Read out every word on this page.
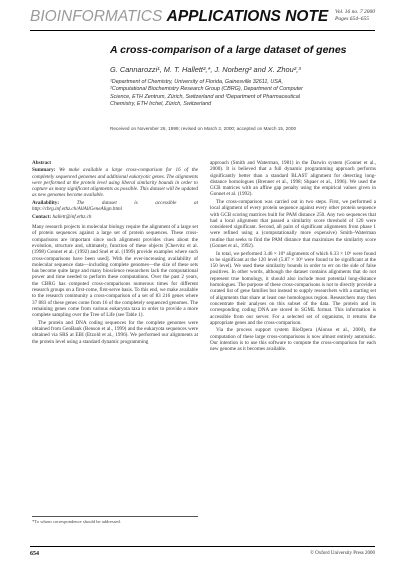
BIOINFORMATICS APPLICATIONS NOTE Vol. 16 no. 7 2000
Pages 654–655
A cross-comparison of a large dataset of genes
G. Cannarozzi¹, M. T. Hallett²,*, J. Norberg² and X. Zhou²,³
¹Department of Chemistry, University of Florida, Gainesville 32611, USA,
²Computational Biochemistry Research Group (CBRG), Department of Computer
Science, ETH Zentrum, Zürich, Switzerland and ³Department of Pharmaceutical
Chemistry, ETH Irchel, Zürich, Switzerland
Received on November 26, 1999; revised on March 2, 2000; accepted on March 15, 2000
Abstract

Summary: We make available a large cross-comparison for 16 of the completely sequenced genomes and additional eukaryotic genes. The alignments were performed at the protein level using liberal similarity bounds in order to capture as many significant alignments as possible. This dataset will be updated as new genomes become available.

Availability:	The dataset is accessible at http://cbrg.inf.ethz.ch/AllAllGeneAlign.html

Contact: hallett@inf.ethz.ch

Many research projects in molecular biology require the alignment of a large set of protein sequences against a large set of protein sequences. These cross-comparisons are important since such alignment provides clues about the evolution, structure and, ultimately, function of these objects [Chervitz et al. (1998) Gonnet et al. (1992) and Snel et al. (1999) provide examples where such cross-comparisons have been used]. With the ever-increasing availability of molecular sequence data—including complete genomes—the size of these sets has become quite large and many bioscience researchers lack the computational power and time needed to perform these computations. Over the past 2 years, the CBRG has computed cross-comparisons numerous times for different research groups on a first-come, first-serve basis. To this end, we make available to the research community a cross-comparison of a set of 83 216 genes where 37 883 of these genes come from 16 of the completely sequenced genomes. The remaining genes come from various eukaryota taxa in order to provide a more complete sampling over the Tree of Life (see Table 1).

The protein and DNA coding sequences for the complete genomes were obtained from GenBank (Benson et al., 1999) and the eukaryota sequences were obtained via SRS at EBI (Etzold et al., 1996). We performed our alignments at the protein level using a standard dynamic programming

approach (Smith and Waterman, 1981) in the Darwin system (Gonnet et al., 2000). It is believed that a full dynamic programming approach performs significantly better than a standard BLAST alignment for detecting long-distance homologues (Brenner et al., 1998; Shpaer et al., 1996). We used the GCB matrices with an affine gap penalty using the empirical values given in Gonnet et al. (1992).

The cross-comparison was carried out in two steps. First, we performed a local alignment of every protein sequence against every other protein sequence with GCB scoring matrices built for PAM distance 250. Any two sequences that had a local alignment that passed a similarity score threshold of 120 were considered significant. Second, all pairs of significant alignments from phase 1 were refined using a (computationally more expensive) Smith–Waterman routine that seeks to find the PAM distance that maximizes the similarity score (Gonnet et al., 1992).

In total, we performed 3.46 × 10⁹ alignments of which 6.33 × 10⁶ were found to be significant at the 120 level (5.87 × 10⁶ were found to be significant at the 150 level). We used these similarity bounds in order to err on the side of false positives. In other words, although the dataset contains alignments that do not represent true homology, it should also include most potential long-distance homologues. The purpose of these cross-comparisons is not to directly provide a curated list of gene families but instead to supply researchers with a starting set of alignments that share at least one homologous region. Researchers may then concentrate their analyses on this subset of the data. The protein and its corresponding coding DNA are stored in SGML format. This information is accessible from our server. For a selected set of organisms, it returns the appropriate genes and the cross-comparison.

Via the process support system BioOpera (Alonso et al., 2000), the computation of these large cross-comparisons is now almost entirely automatic. Our intention is to use this software to compute the cross-comparison for each new genome as it becomes available.

*To whom correspondence should be addressed.
654	© Oxford University Press 2000
